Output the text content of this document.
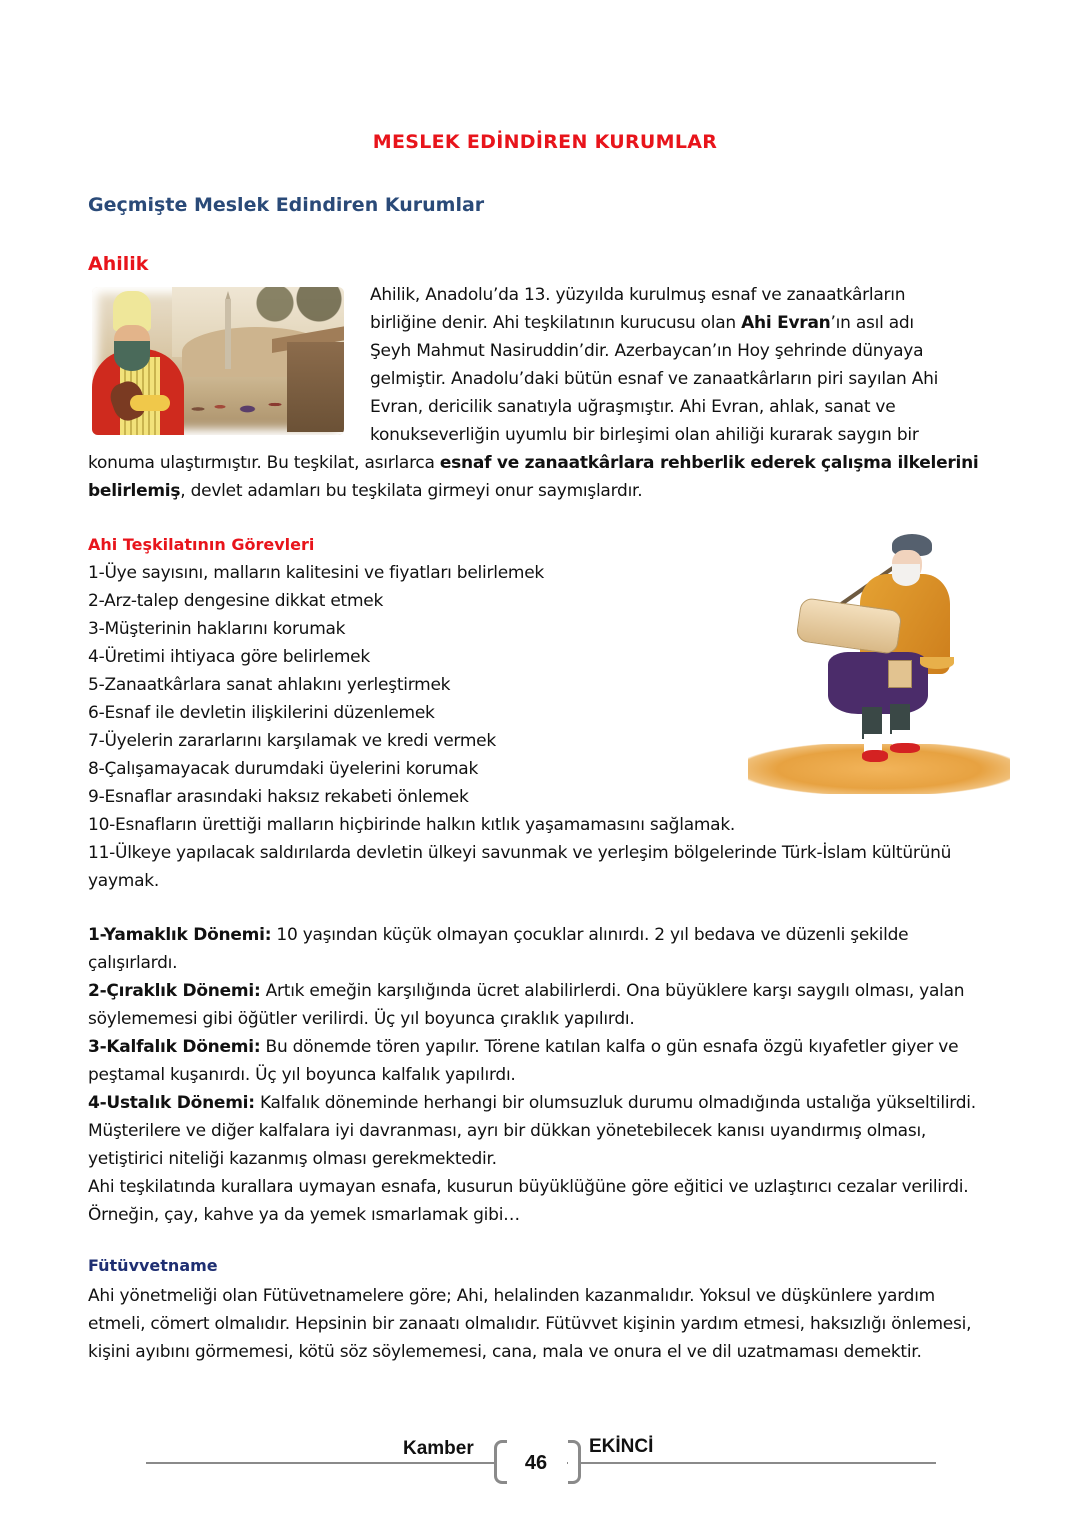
MESLEK EDİNDİREN KURUMLAR
Geçmişte Meslek Edindiren Kurumlar
Ahilik
Ahilik, Anadolu’da 13. yüzyılda kurulmuş esnaf ve zanaatkârların
birliğine denir. Ahi teşkilatının kurucusu olan Ahi Evran’ın asıl adı
Şeyh Mahmut Nasiruddin’dir. Azerbaycan’ın Hoy şehrinde dünyaya
gelmiştir. Anadolu’daki bütün esnaf ve zanaatkârların piri sayılan Ahi
Evran, dericilik sanatıyla uğraşmıştır. Ahi Evran, ahlak, sanat ve
konukseverliğin uyumlu bir birleşimi olan ahiliği kurarak saygın bir
konuma ulaştırmıştır. Bu teşkilat, asırlarca esnaf ve zanaatkârlara rehberlik ederek çalışma ilkelerini belirlemiş, devlet adamları bu teşkilata girmeyi onur saymışlardır.
Ahi Teşkilatının Görevleri
1-Üye sayısını, malların kalitesini ve fiyatları belirlemek
2-Arz-talep dengesine dikkat etmek
3-Müşterinin haklarını korumak
4-Üretimi ihtiyaca göre belirlemek
5-Zanaatkârlara sanat ahlakını yerleştirmek
6-Esnaf ile devletin ilişkilerini düzenlemek
7-Üyelerin zararlarını karşılamak ve kredi vermek
8-Çalışamayacak durumdaki üyelerini korumak
9-Esnaflar arasındaki haksız rekabeti önlemek
10-Esnafların ürettiği malların hiçbirinde halkın kıtlık yaşamamasını sağlamak.
11-Ülkeye yapılacak saldırılarda devletin ülkeyi savunmak ve yerleşim bölgelerinde Türk-İslam kültürünü yaymak.

1-Yamaklık Dönemi: 10 yaşından küçük olmayan çocuklar alınırdı. 2 yıl bedava ve düzenli şekilde çalışırlardı.

2-Çıraklık Dönemi: Artık emeğin karşılığında ücret alabilirlerdi. Ona büyüklere karşı saygılı olması, yalan söylememesi gibi öğütler verilirdi. Üç yıl boyunca çıraklık yapılırdı.

3-Kalfalık Dönemi: Bu dönemde tören yapılır. Törene katılan kalfa o gün esnafa özgü kıyafetler giyer ve peştamal kuşanırdı. Üç yıl boyunca kalfalık yapılırdı.

4-Ustalık Dönemi: Kalfalık döneminde herhangi bir olumsuzluk durumu olmadığında ustalığa yükseltilirdi. Müşterilere ve diğer kalfalara iyi davranması, ayrı bir dükkan yönetebilecek kanısı uyandırmış olması, yetiştirici niteliği kazanmış olması gerekmektedir.

Ahi teşkilatında kurallara uymayan esnafa, kusurun büyüklüğüne göre eğitici ve uzlaştırıcı cezalar verilirdi. Örneğin, çay, kahve ya da yemek ısmarlamak gibi…

Fütüvvetname
Ahi yönetmeliği olan Fütüvetnamelere göre; Ahi, helalinden kazanmalıdır. Yoksul ve düşkünlere yardım etmeli, cömert olmalıdır. Hepsinin bir zanaatı olmalıdır. Fütüvvet kişinin yardım etmesi, haksızlığı önlemesi, kişini ayıbını görmemesi, kötü söz söylememesi, cana, mala ve onura el ve dil uzatmaması demektir.
Kamber
46
EKİNCİ
